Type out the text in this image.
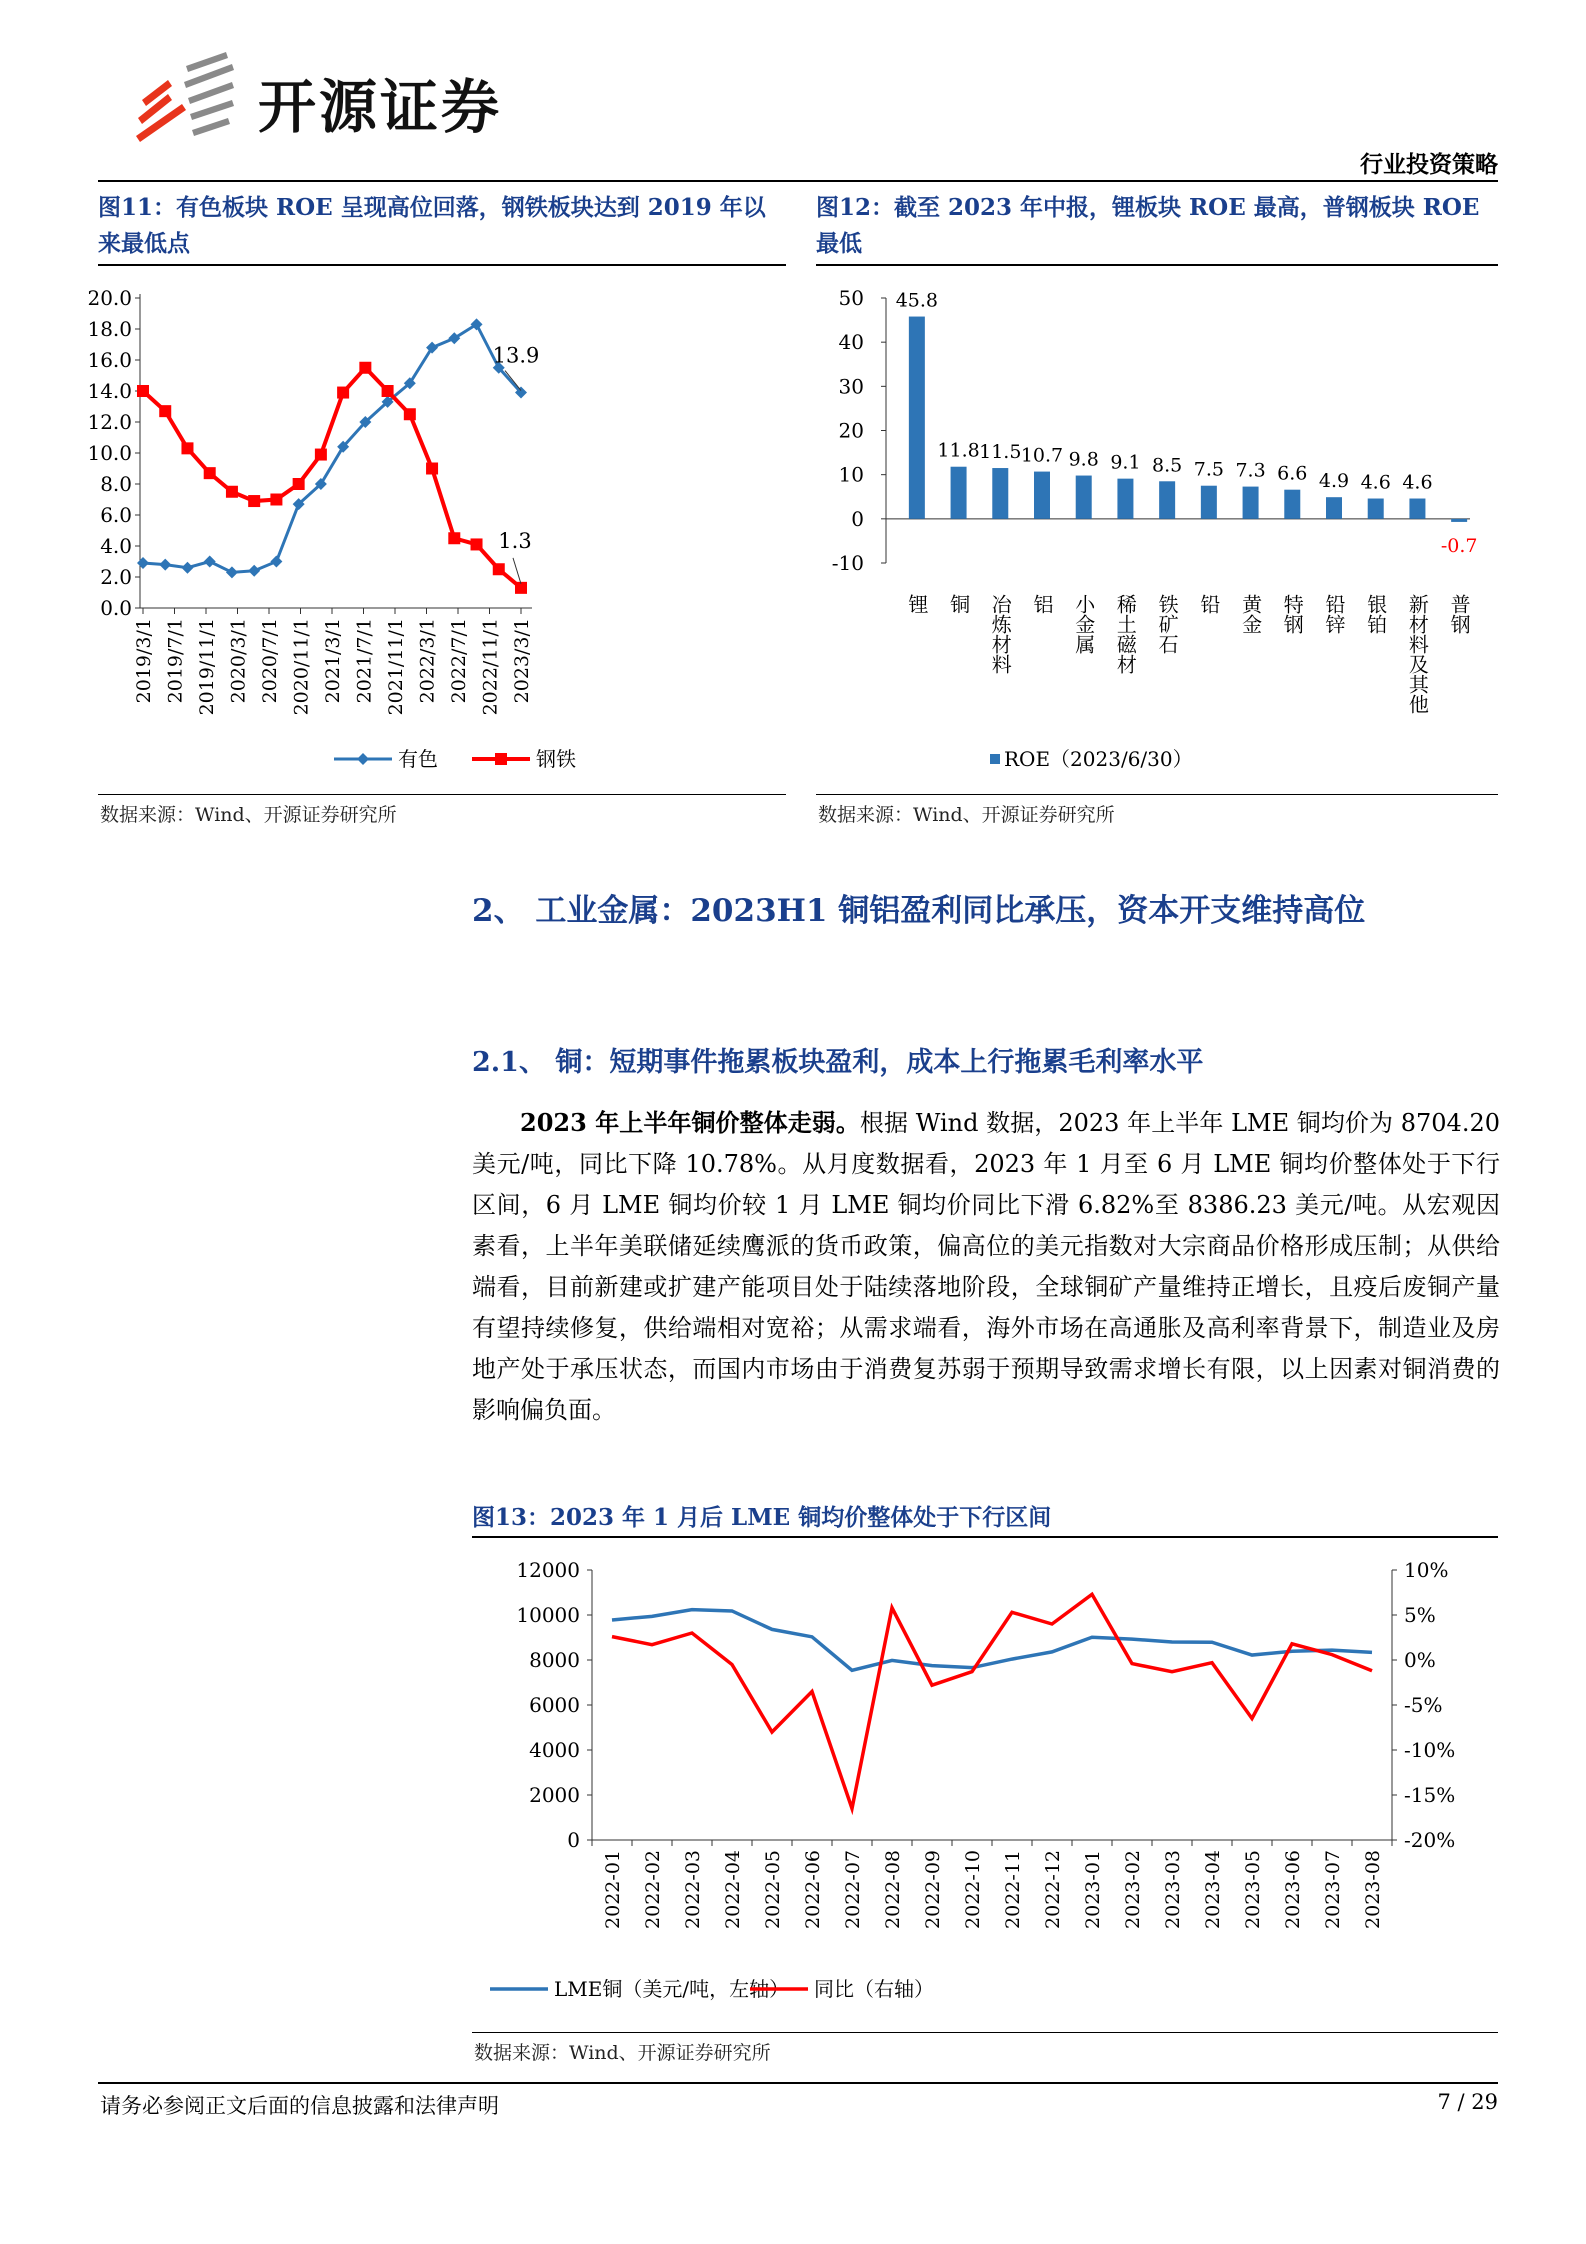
开源证券
行业投资策略
图11：有色板块 ROE 呈现高位回落，钢铁板块达到 2019 年以来最低点
20.0
18.0
16.0
14.0
12.0
10.0
8.0
6.0
4.0
2.0
0.0
2019/3/1 2019/7/1 2019/11/1 2020/3/1 2020/7/1 2020/11/1 2021/3/1 2021/7/1 2021/11/1 2022/3/1 2022/7/1 2022/11/1 2023/3/1
13.9
1.3
有色	钢铁
数据来源：Wind、开源证券研究所
图12：截至 2023 年中报，锂板块 ROE 最高，普钢板块 ROE 最低
50
40
30
20
10
0
-10
45.8
锂
11.8
铜
11.5
冶炼材料
10.7
铝
9.8
小金属
9.1
稀土磁材
8.5
铁矿石
7.5
铅
7.3
黄金
6.6
特钢
4.9
铅锌
4.6
银铂
4.6
新材料及其他
-0.7
普钢
ROE（2023/6/30）
数据来源：Wind、开源证券研究所
2、 工业金属：2023H1 铜铝盈利同比承压，资本开支维持高位
2.1、 铜：短期事件拖累板块盈利，成本上行拖累毛利率水平
2023 年上半年铜价整体走弱。根据 Wind 数据，2023 年上半年 LME 铜均价为 8704.20 美元/吨，同比下降 10.78%。从月度数据看，2023 年 1 月至 6 月 LME 铜均价整体处于下行区间，6 月 LME 铜均价较 1 月 LME 铜均价同比下滑 6.82%至 8386.23 美元/吨。从宏观因素看，上半年美联储延续鹰派的货币政策，偏高位的美元指数对大宗商品价格形成压制；从供给端看，目前新建或扩建产能项目处于陆续落地阶段，全球铜矿产量维持正增长，且疫后废铜产量有望持续修复，供给端相对宽裕；从需求端看，海外市场在高通胀及高利率背景下，制造业及房地产处于承压状态，而国内市场由于消费复苏弱于预期导致需求增长有限，以上因素对铜消费的影响偏负面。
图13：2023 年 1 月后 LME 铜均价整体处于下行区间
0
2000
4000
6000
8000
10000
12000
-20%
-15%
-10%
-5%
0%
5%
10%
2022-01 2022-02 2022-03 2022-04 2022-05 2022-06 2022-07 2022-08 2022-09 2022-10 2022-11 2022-12 2023-01 2023-02 2023-03 2023-04 2023-05 2023-06 2023-07 2023-08
LME铜（美元/吨，左轴） 同比（右轴）
数据来源：Wind、开源证券研究所
请务必参阅正文后面的信息披露和法律声明	7 / 29
